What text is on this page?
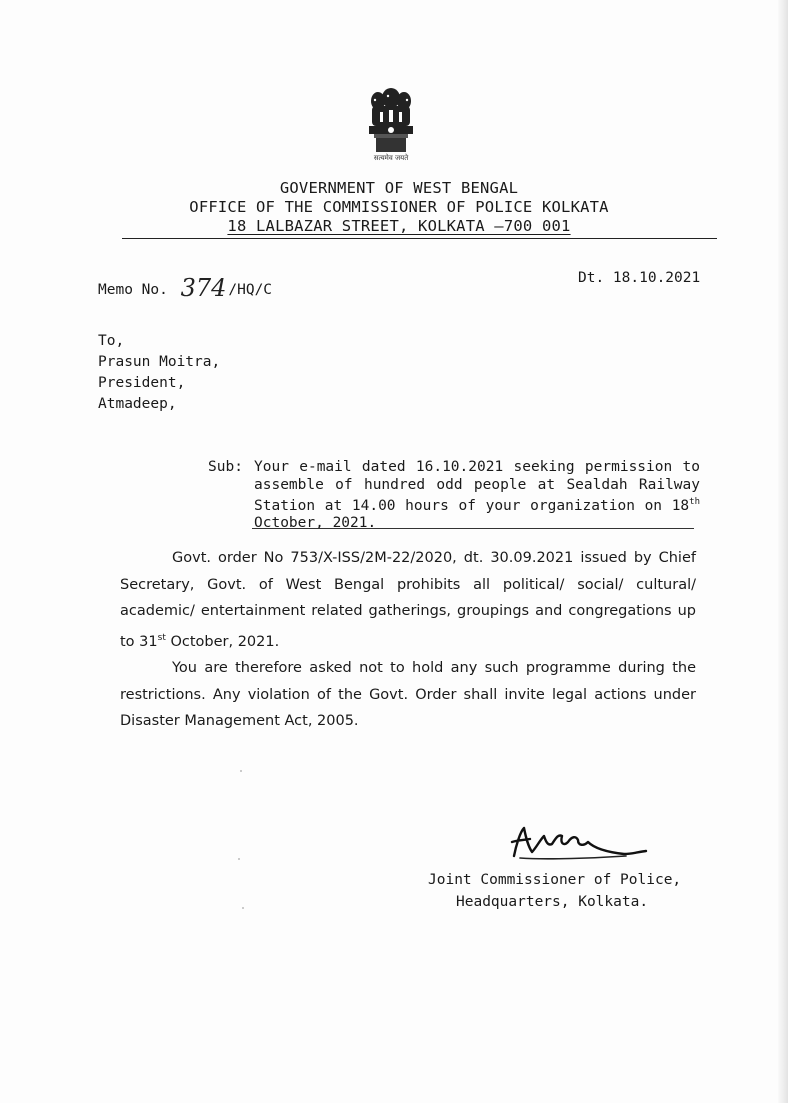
सत्यमेव जयते
GOVERNMENT OF WEST BENGAL
OFFICE OF THE COMMISSIONER OF POLICE KOLKATA
18 LALBAZAR STREET, KOLKATA —700 001
Memo No. 374 /HQ/C
Dt. 18.10.2021
To,
Prasun Moitra,
President,
Atmadeep,
Sub: Your e-mail dated 16.10.2021 seeking permission to assemble of hundred odd people at Sealdah Railway Station at 14.00 hours of your organization on 18th October, 2021.
Govt. order No 753/X-ISS/2M-22/2020, dt. 30.09.2021 issued by Chief Secretary, Govt. of West Bengal prohibits all political/ social/ cultural/ academic/ entertainment related gatherings, groupings and congregations up to 31st October, 2021.
You are therefore asked not to hold any such programme during the restrictions. Any violation of the Govt. Order shall invite legal actions under Disaster Management Act, 2005.
Joint Commissioner of Police,
Headquarters, Kolkata.
